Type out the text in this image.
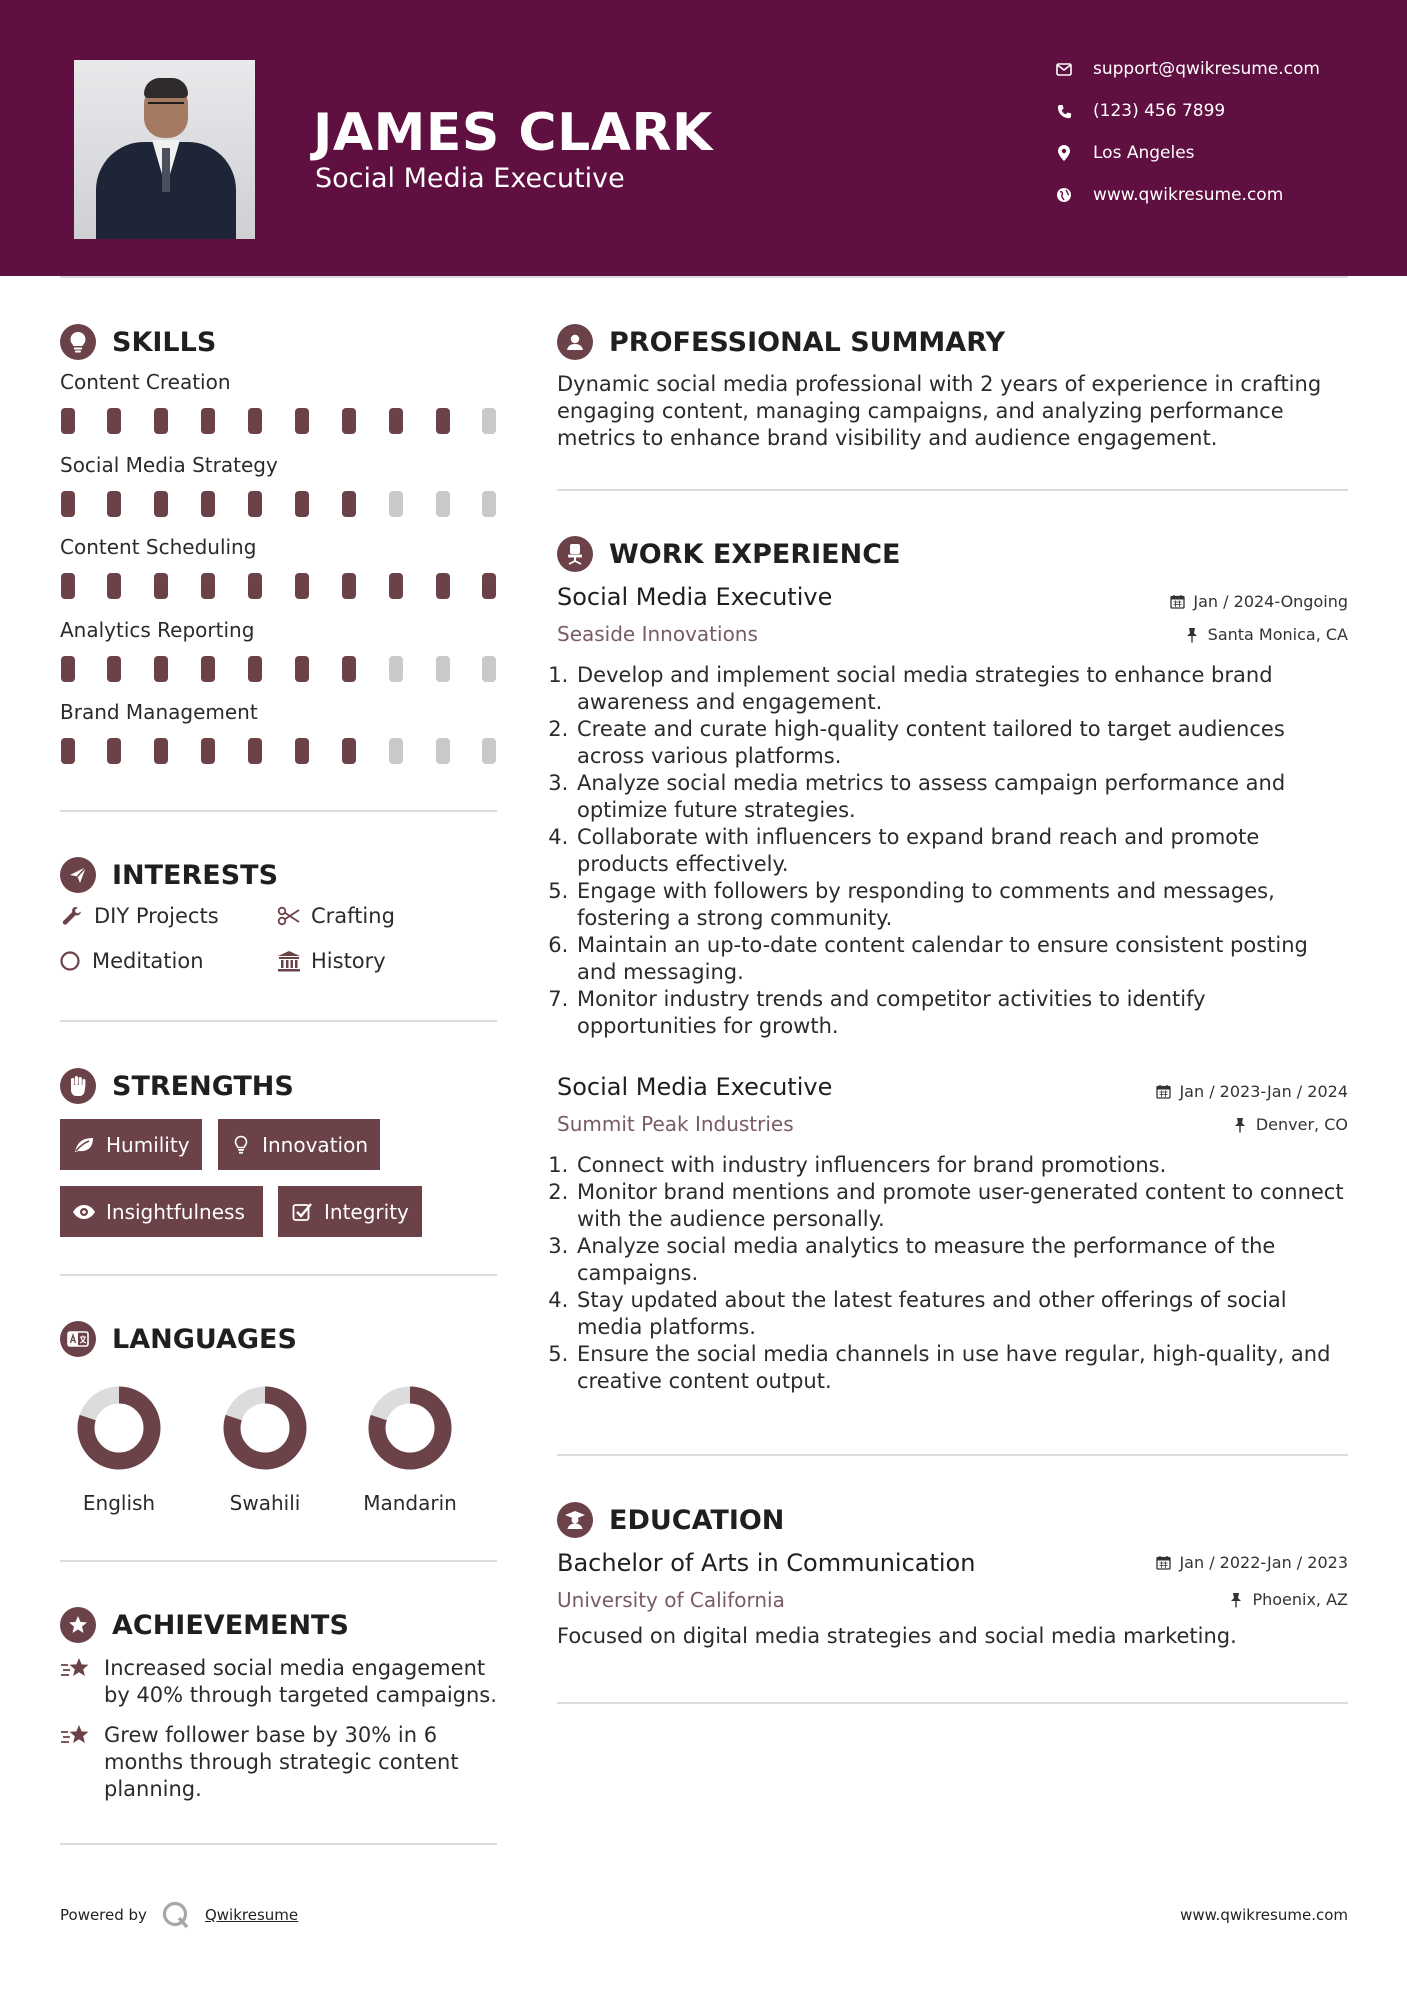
JAMES CLARK
Social Media Executive
support@qwikresume.com
(123) 456 7899
Los Angeles
www.qwikresume.com
SKILLS
Content Creation
Social Media Strategy
Content Scheduling
Analytics Reporting
Brand Management
INTERESTS
DIY Projects	Crafting
Meditation	History
STRENGTHS
Humility	Innovation
Insightfulness	Integrity
LANGUAGES
English	Swahili	Mandarin
ACHIEVEMENTS
Increased social media engagement by 40% through targeted campaigns.
Grew follower base by 30% in 6 months through strategic content planning.
PROFESSIONAL SUMMARY
Dynamic social media professional with 2 years of experience in crafting engaging content, managing campaigns, and analyzing performance metrics to enhance brand visibility and audience engagement.
WORK EXPERIENCE
Social Media Executive	Jan / 2024-Ongoing
Seaside Innovations	Santa Monica, CA
1. Develop and implement social media strategies to enhance brand awareness and engagement.
2. Create and curate high-quality content tailored to target audiences across various platforms.
3. Analyze social media metrics to assess campaign performance and optimize future strategies.
4. Collaborate with influencers to expand brand reach and promote products effectively.
5. Engage with followers by responding to comments and messages, fostering a strong community.
6. Maintain an up-to-date content calendar to ensure consistent posting and messaging.
7. Monitor industry trends and competitor activities to identify opportunities for growth.
Social Media Executive	Jan / 2023-Jan / 2024
Summit Peak Industries	Denver, CO
1. Connect with industry influencers for brand promotions.
2. Monitor brand mentions and promote user-generated content to connect with the audience personally.
3. Analyze social media analytics to measure the performance of the campaigns.
4. Stay updated about the latest features and other offerings of social media platforms.
5. Ensure the social media channels in use have regular, high-quality, and creative content output.
EDUCATION
Bachelor of Arts in Communication	Jan / 2022-Jan / 2023
University of California	Phoenix, AZ
Focused on digital media strategies and social media marketing.
Powered by	Qwikresume	www.qwikresume.com
